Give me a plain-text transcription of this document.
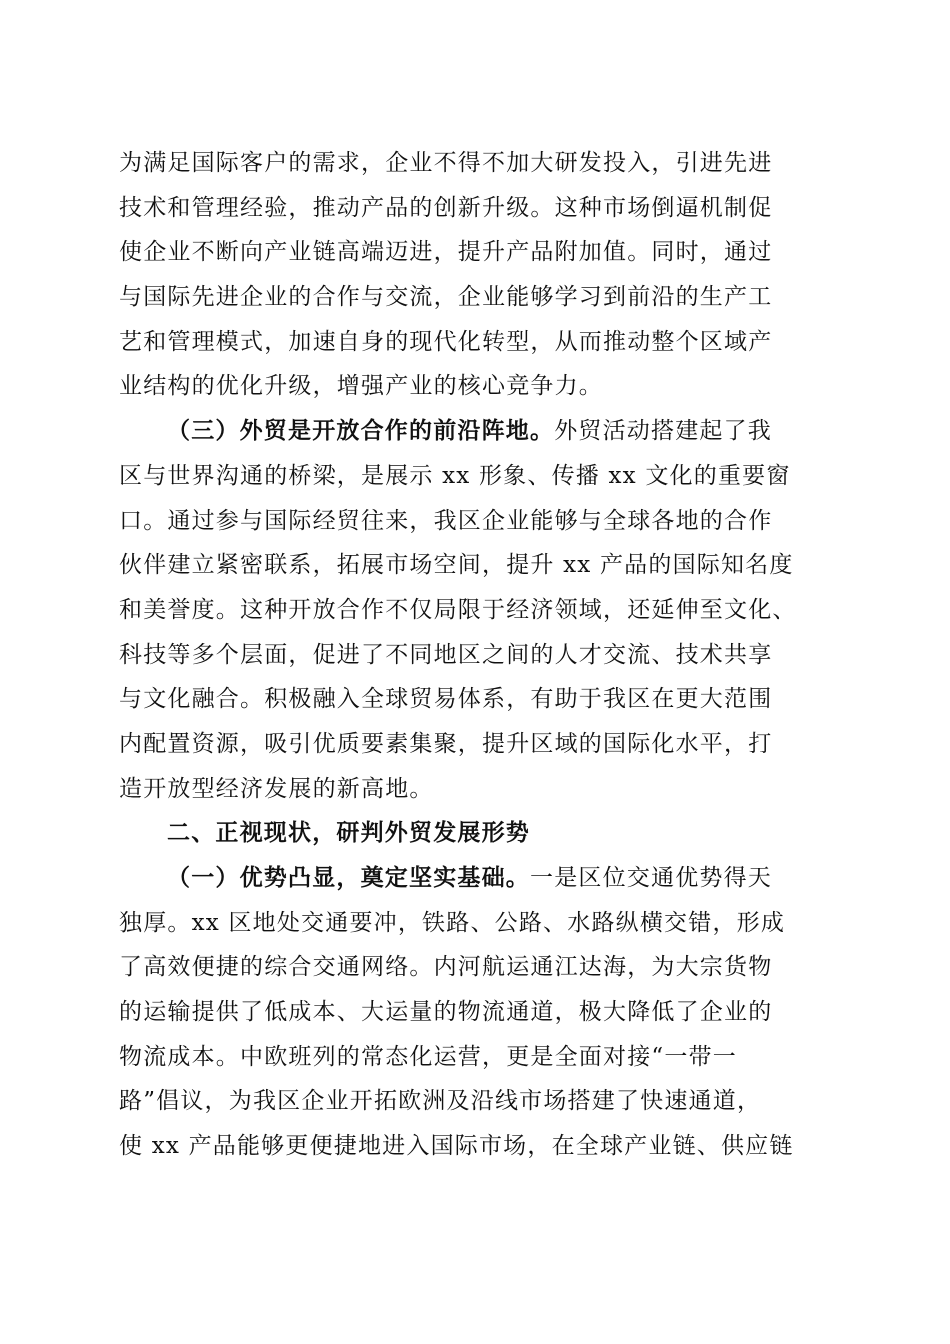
为满足国际客户的需求，企业不得不加大研发投入，引进先进
技术和管理经验，推动产品的创新升级。这种市场倒逼机制促
使企业不断向产业链高端迈进，提升产品附加值。同时，通过
与国际先进企业的合作与交流，企业能够学习到前沿的生产工
艺和管理模式，加速自身的现代化转型，从而推动整个区域产
业结构的优化升级，增强产业的核心竞争力。
（三）外贸是开放合作的前沿阵地。外贸活动搭建起了我
区与世界沟通的桥梁，是展示 xx 形象、传播 xx 文化的重要窗
口。通过参与国际经贸往来，我区企业能够与全球各地的合作
伙伴建立紧密联系，拓展市场空间，提升 xx 产品的国际知名度
和美誉度。这种开放合作不仅局限于经济领域，还延伸至文化、
科技等多个层面，促进了不同地区之间的人才交流、技术共享
与文化融合。积极融入全球贸易体系，有助于我区在更大范围
内配置资源，吸引优质要素集聚，提升区域的国际化水平，打
造开放型经济发展的新高地。
二、正视现状，研判外贸发展形势
（一）优势凸显，奠定坚实基础。一是区位交通优势得天
独厚。xx 区地处交通要冲，铁路、公路、水路纵横交错，形成
了高效便捷的综合交通网络。内河航运通江达海，为大宗货物
的运输提供了低成本、大运量的物流通道，极大降低了企业的
物流成本。中欧班列的常态化运营，更是全面对接“一带一
路”倡议，为我区企业开拓欧洲及沿线市场搭建了快速通道，
使 xx 产品能够更便捷地进入国际市场，在全球产业链、供应链
